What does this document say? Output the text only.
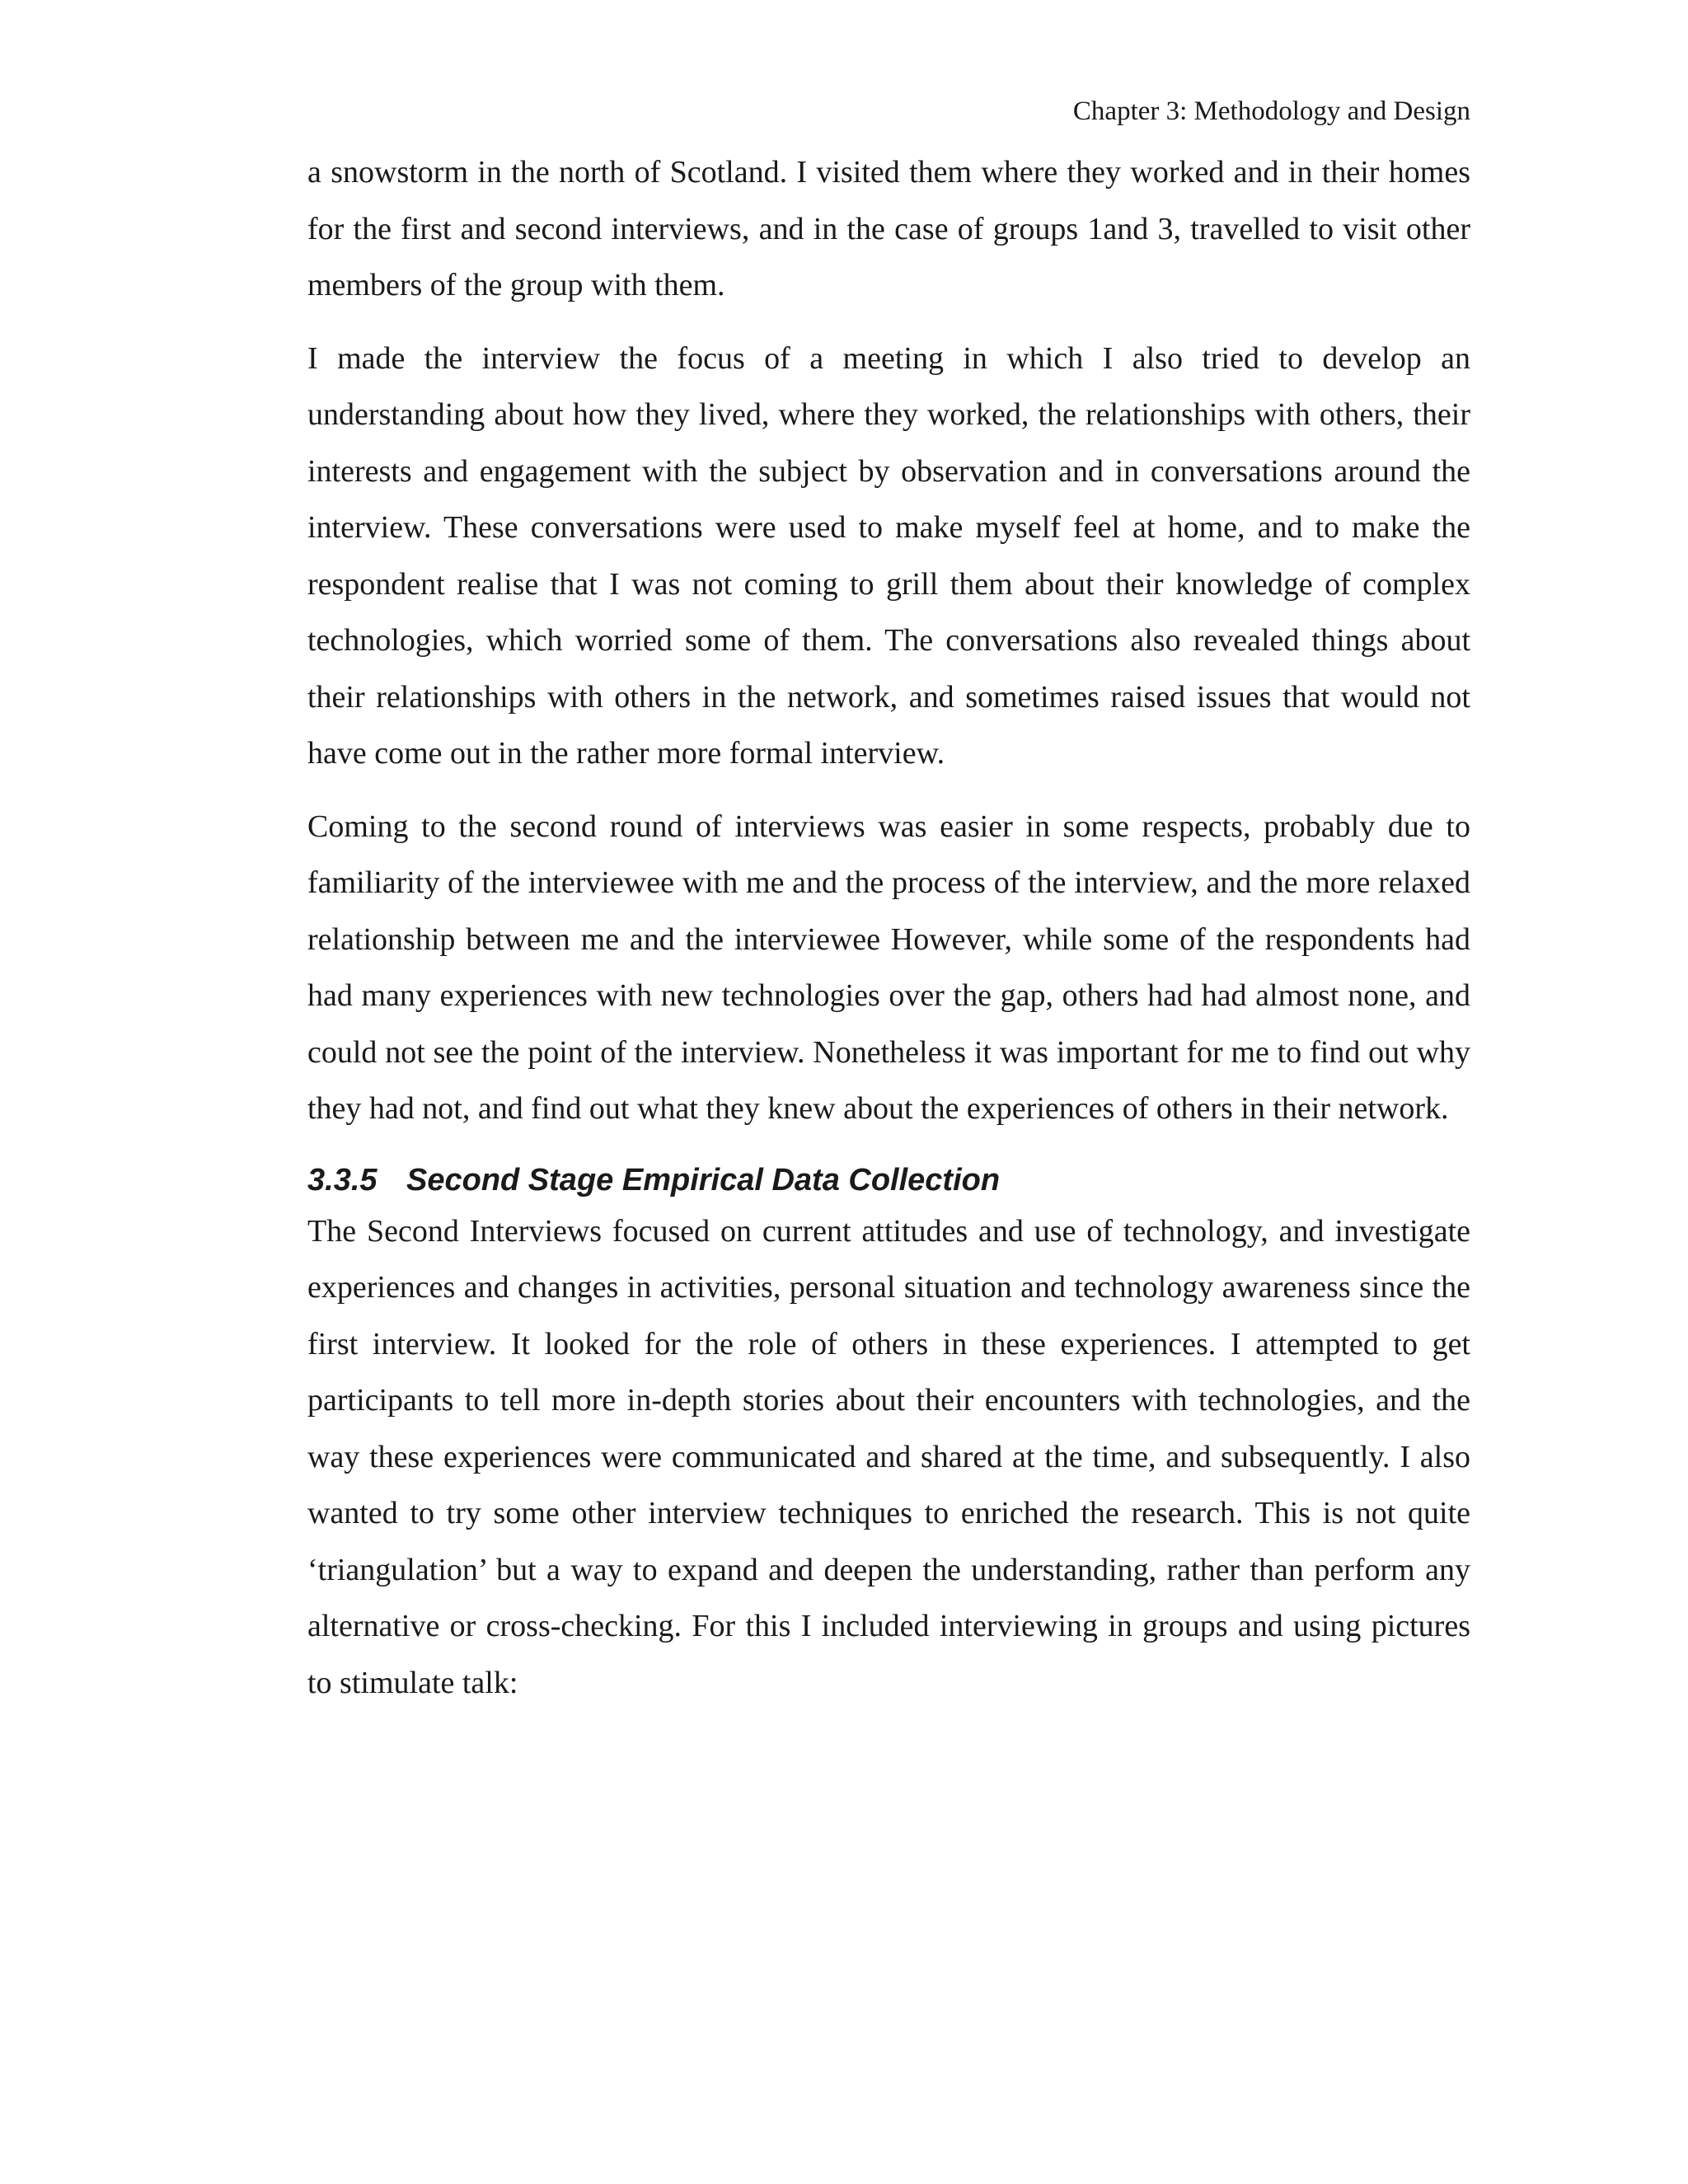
Chapter 3: Methodology and Design

a snowstorm in the north of Scotland. I visited them where they worked and in their homes for the first and second interviews, and in the case of groups 1and 3, travelled to visit other members of the group with them.

I made the interview the focus of a meeting in which I also tried to develop an understanding about how they lived, where they worked, the relationships with others, their interests and engagement with the subject by observation and in conversations around the interview. These conversations were used to make myself feel at home, and to make the respondent realise that I was not coming to grill them about their knowledge of complex technologies, which worried some of them. The conversations also revealed things about their relationships with others in the network, and sometimes raised issues that would not have come out in the rather more formal interview.

Coming to the second round of interviews was easier in some respects, probably due to familiarity of the interviewee with me and the process of the interview, and the more relaxed relationship between me and the interviewee However, while some of the respondents had had many experiences with new technologies over the gap, others had had almost none, and could not see the point of the interview. Nonetheless it was important for me to find out why they had not, and find out what they knew about the experiences of others in their network.

3.3.5 Second Stage Empirical Data Collection

The Second Interviews focused on current attitudes and use of technology, and investigate experiences and changes in activities, personal situation and technology awareness since the first interview. It looked for the role of others in these experiences. I attempted to get participants to tell more in-depth stories about their encounters with technologies, and the way these experiences were communicated and shared at the time, and subsequently. I also wanted to try some other interview techniques to enriched the research. This is not quite ‘triangulation’ but a way to expand and deepen the understanding, rather than perform any alternative or cross-checking. For this I included interviewing in groups and using pictures to stimulate talk:
